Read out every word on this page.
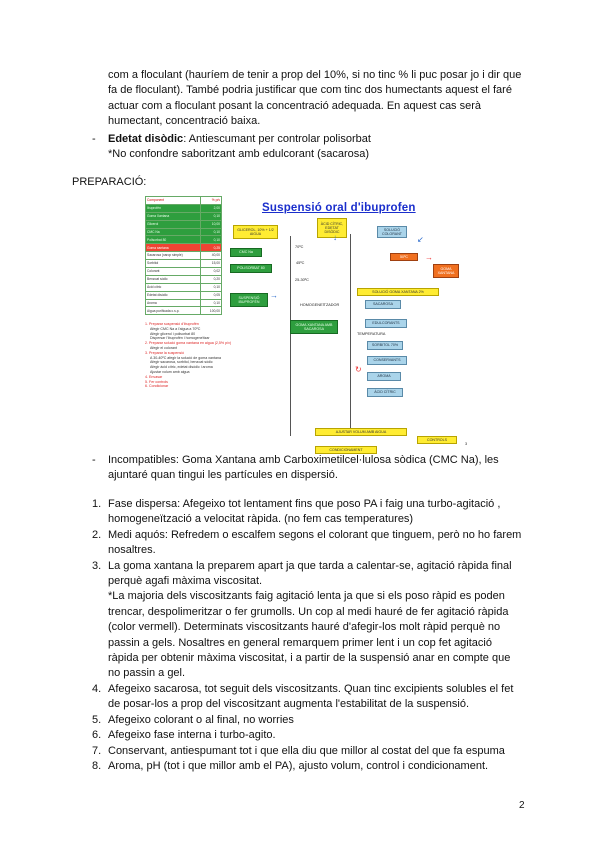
com a floculant (hauríem de tenir a prop del 10%, si no tinc % li puc posar jo i dir que fa de floculant). També podria justificar que com tinc dos humectants aquest el faré actuar com a floculant posant la concentració adequada. En aquest cas serà humectant, concentració baixa.
- Edetat disòdic: Antiescumant per controlar polisorbat
*No confondre saboritzant amb edulcorant (sacarosa)
PREPARACIÓ:
Component	% p/v
Ibuprofèn	2,00
Goma Xantana	0,10
Glicerol	10,00
CMC Na	0,10
Polisorbat 80	0,10
Goma xantana	0,25
Sacarosa (xarop simple)	40,00
Sorbitol	15,00
Colorant	0,02
Benzoat sòdic	0,20
Àcid cítric	0,10
Edetat disòdic	0,05
Aroma	0,10
Aigua purificada c.s.p.	100,00
1. Preparar suspensió d'ibuprofèn
Afegir CMC Na a l'aigua a 70ºC
Afegir glicerol i polisorbat 80
Dispersar l'ibuprofèn i homogeneïtzar
2. Preparar solució goma xantana en aigua (2,5% p/v)
Afegir el colorant
3. Preparar la suspensió
A 30-40ºC afegir la solució de goma xantana
Afegir sacarosa, sorbitol, benzoat sòdic
Afegir àcid cítric, edetat disòdic i aroma
Ajustar volum amb aigua
4. Envasar
5. Fer controls
6. Condicionar
Suspensió oral d'ibuprofen
GLICEROL, 10% + 1/2 AIGUA
ÀCID CÍTRIC, EDETAT DISÒDIC
SOLUCIÓ COLORANT
70ºC
45ºC
25-30ºC
CMC Na
POLISORBAT 80
SUSPENSIÓ IBUPROFÈN
GOMA XANTANA AMB SACAROSA
HOMOGENEÏTZADOR
50ºC
GOMA XANTANA
SOLUCIÓ GOMA XANTANA 2%
SACAROSA
EDULCORANTS
TEMPERATURA
SORBITOL 70%
CONSERVANTS
AROMA
ÀCID CÍTRIC
AJUSTAR VOLUM AMB AIGUA
CONTROLS
CONDICIONAMENT
3
↓	↙
→
→
↻
- Incompatibles: Goma Xantana amb Carboximetilcel·lulosa sòdica (CMC Na), les ajuntaré quan tingui les partícules en dispersió.
1. Fase dispersa: Afegeixo tot lentament fins que poso PA i faig una turbo-agitació , homogeneïtzació a velocitat ràpida. (no fem cas temperatures)
2. Medi aquós: Refredem o escalfem segons el colorant que tinguem, però no ho farem nosaltres.
3. La goma xantana la preparem apart ja que tarda a calentar-se, agitació ràpida final perquè agafi màxima viscositat.
*La majoria dels viscositzants faig agitació lenta ja que si els poso ràpid es poden trencar, despolimeritzar o fer grumolls. Un cop al medi hauré de fer agitació ràpida (color vermell). Determinats viscositzants hauré d'afegir-los molt ràpid perquè no passin a gels. Nosaltres en general remarquem primer lent i un cop fet agitació ràpida per obtenir màxima viscositat, i a partir de la suspensió anar en compte que no passin a gel.
4. Afegeixo sacarosa, tot seguit dels viscositzants. Quan tinc excipients solubles el fet de posar-los a prop del viscositzant augmenta l'estabilitat de la suspensió.
5. Afegeixo colorant o al final, no worries
6. Afegeixo fase interna i turbo-agito.
7. Conservant, antiespumant tot i que ella diu que millor al costat del que fa espuma
8. Aroma, pH (tot i que millor amb el PA), ajusto volum, control i condicionament.
2
